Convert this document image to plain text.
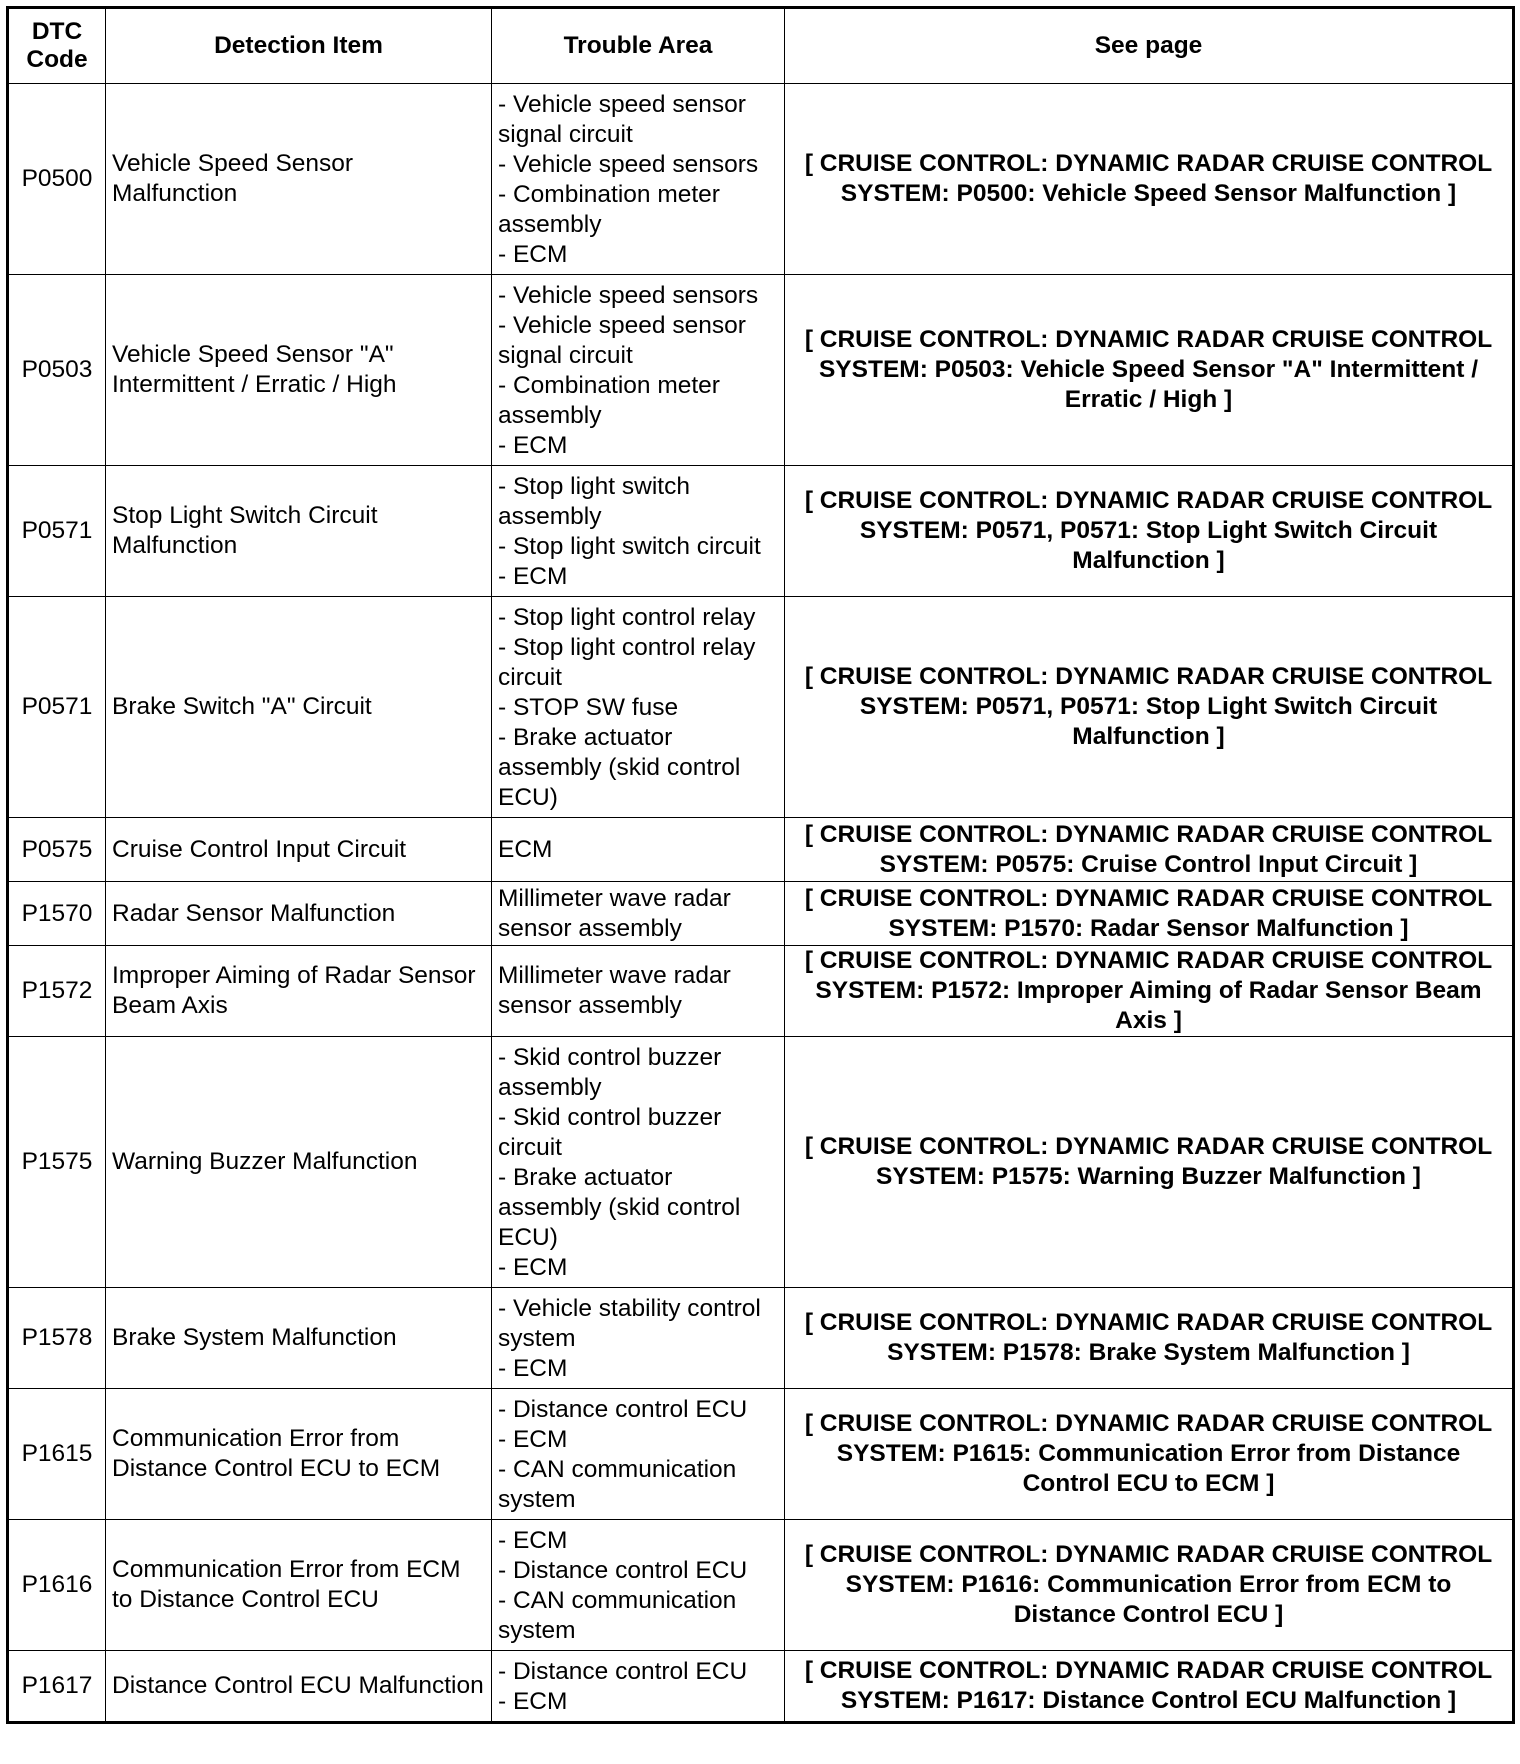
DTC Code	Detection Item	Trouble Area	See page
P0500	Vehicle Speed Sensor Malfunction	- Vehicle speed sensor signal circuit
- Vehicle speed sensors
- Combination meter assembly
- ECM	[ CRUISE CONTROL: DYNAMIC RADAR CRUISE CONTROL SYSTEM: P0500: Vehicle Speed Sensor Malfunction ]
P0503	Vehicle Speed Sensor "A" Intermittent / Erratic / High	- Vehicle speed sensors
- Vehicle speed sensor signal circuit
- Combination meter assembly
- ECM	[ CRUISE CONTROL: DYNAMIC RADAR CRUISE CONTROL SYSTEM: P0503: Vehicle Speed Sensor "A" Intermittent / Erratic / High ]
P0571	Stop Light Switch Circuit Malfunction	- Stop light switch assembly
- Stop light switch circuit
- ECM	[ CRUISE CONTROL: DYNAMIC RADAR CRUISE CONTROL SYSTEM: P0571, P0571: Stop Light Switch Circuit Malfunction ]
P0571	Brake Switch "A" Circuit	- Stop light control relay
- Stop light control relay circuit
- STOP SW fuse
- Brake actuator assembly (skid control ECU)	[ CRUISE CONTROL: DYNAMIC RADAR CRUISE CONTROL SYSTEM: P0571, P0571: Stop Light Switch Circuit Malfunction ]
P0575	Cruise Control Input Circuit	ECM	[ CRUISE CONTROL: DYNAMIC RADAR CRUISE CONTROL SYSTEM: P0575: Cruise Control Input Circuit ]
P1570	Radar Sensor Malfunction	Millimeter wave radar sensor assembly	[ CRUISE CONTROL: DYNAMIC RADAR CRUISE CONTROL SYSTEM: P1570: Radar Sensor Malfunction ]
P1572	Improper Aiming of Radar Sensor Beam Axis	Millimeter wave radar sensor assembly	[ CRUISE CONTROL: DYNAMIC RADAR CRUISE CONTROL SYSTEM: P1572: Improper Aiming of Radar Sensor Beam Axis ]
P1575	Warning Buzzer Malfunction	- Skid control buzzer assembly
- Skid control buzzer circuit
- Brake actuator assembly (skid control ECU)
- ECM	[ CRUISE CONTROL: DYNAMIC RADAR CRUISE CONTROL SYSTEM: P1575: Warning Buzzer Malfunction ]
P1578	Brake System Malfunction	- Vehicle stability control system
- ECM	[ CRUISE CONTROL: DYNAMIC RADAR CRUISE CONTROL SYSTEM: P1578: Brake System Malfunction ]
P1615	Communication Error from Distance Control ECU to ECM	- Distance control ECU
- ECM
- CAN communication system	[ CRUISE CONTROL: DYNAMIC RADAR CRUISE CONTROL SYSTEM: P1615: Communication Error from Distance Control ECU to ECM ]
P1616	Communication Error from ECM to Distance Control ECU	- ECM
- Distance control ECU
- CAN communication system	[ CRUISE CONTROL: DYNAMIC RADAR CRUISE CONTROL SYSTEM: P1616: Communication Error from ECM to Distance Control ECU ]
P1617	Distance Control ECU Malfunction	- Distance control ECU
- ECM	[ CRUISE CONTROL: DYNAMIC RADAR CRUISE CONTROL SYSTEM: P1617: Distance Control ECU Malfunction ]
